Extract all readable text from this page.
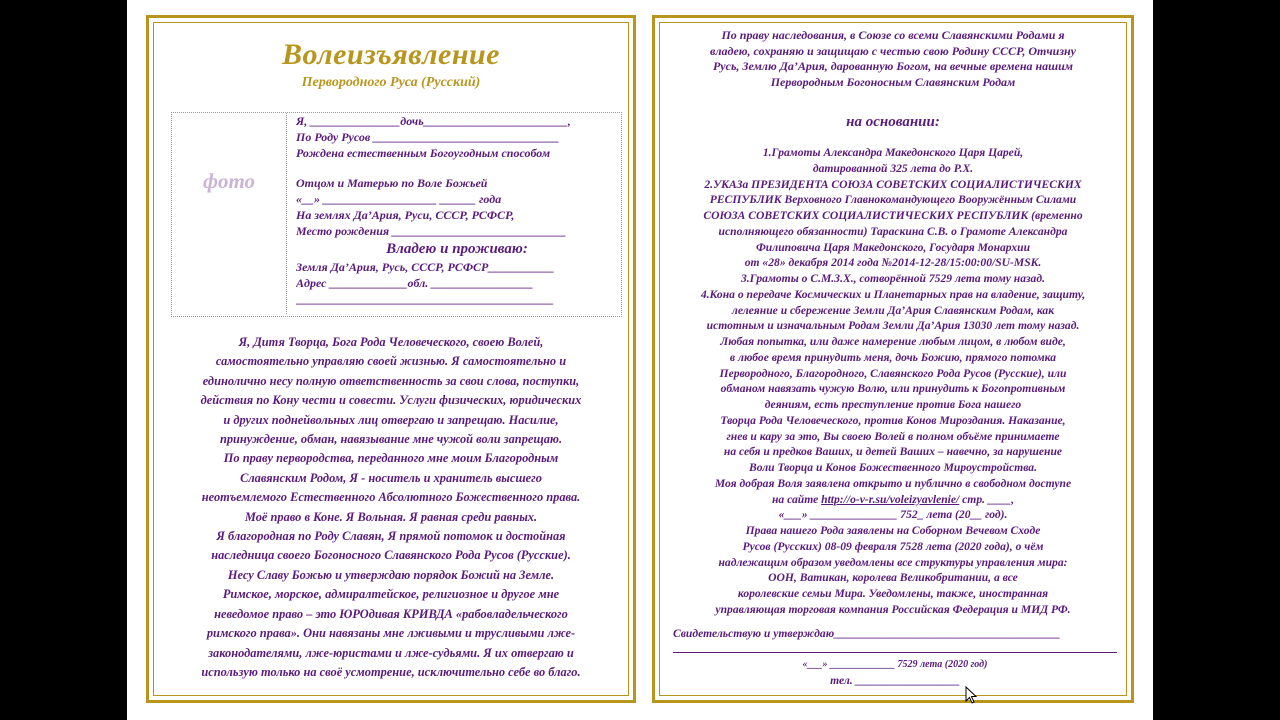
Волеизъявление
Первородного Руса (Русский)
фото
Я, _______________дочь________________________,
По Роду Русов _______________________________
Рождена естественным Богоугодным способом
Отцом и Матерью по Воле Божьей
«__» ___________________ ______ года
На землях Да’Ария, Руси, СССР, РСФСР,
Место рождения _____________________________
Владею и проживаю:
Земля Да’Ария, Русь, СССР, РСФСР___________
Адрес _____________обл. _________________
___________________________________________
Я, Дитя Творца, Бога Рода Человеческого, своею Волей,
самостоятельно управляю своей жизнью. Я самостоятельно и
единолично несу полную ответственность за свои слова, поступки,
действия по Кону чести и совести. Услуги физических, юридических
и других поднейвольных лиц отвергаю и запрещаю. Насилие,
принуждение, обман, навязывание мне чужой воли запрещаю.
По праву первородства, переданного мне моим Благородным
Славянским Родом, Я - носитель и хранитель высшего
неотъемлемого Естественного Абсолютного Божественного права.
Моё право в Коне. Я Вольная. Я равная среди равных.
Я благородная по Роду Славян, Я прямой потомок и достойная
наследница своего Богоносного Славянского Рода Русов (Русские).
Несу Славу Божью и утверждаю порядок Божий на Земле.
Римское, морское, адмиралтейское, религиозное и другое мне
неведомое право – это ЮРОдивая КРИВДА «рабовладельческого
римского права». Они навязаны мне лживыми и трусливыми лже-
законодателями, лже-юристами и лже-судьями. Я их отвергаю и
использую только на своё усмотрение, исключительно себе во благо.
По праву наследования, в Союзе со всеми Славянскими Родами я
владею, сохраняю и защищаю с честью свою Родину СССР, Отчизну
Русь, Землю Да’Ария, дарованную Богом, на вечные времена нашим
Первородным Богоносным Славянским Родам
на основании:
1.Грамоты Александра Македонского Царя Царей,
датированной 325 лета до Р.Х.
2.УКАЗа ПРЕЗИДЕНТА СОЮЗА СОВЕТСКИХ СОЦИАЛИСТИЧЕСКИХ
РЕСПУБЛИК Верховного Главнокомандующего Вооружённым Силами
СОЮЗА СОВЕТСКИХ СОЦИАЛИСТИЧЕСКИХ РЕСПУБЛИК (временно
исполняющего обязанности) Тараскина С.В. о Грамоте Александра
Филиповича Царя Македонского, Государя Монархии
от «28» декабря 2014 года №2014-12-28/15:00:00/SU-MSK.
3.Грамоты о С.М.З.Х., сотворённой 7529 лета тому назад.
4.Кона о передаче Космических и Планетарных прав на владение, защиту,
лелеяние и сбережение Земли Да’Ария Славянским Родам, как
истотным и изначальным Родам Земли Да’Ария 13030 лет тому назад.
Любая попытка, или даже намерение любым лицом, в любом виде,
в любое время принудить меня, дочь Божию, прямого потомка
Первородного, Благородного, Славянского Рода Русов (Русские), или
обманом навязать чужую Волю, или принудить к Богопротивным
деяниям, есть преступление против Бога нашего
Творца Рода Человеческого, против Конов Мироздания. Наказание,
гнев и кару за это, Вы своею Волей в полном объёме принимаете
на себя и предков Ваших, и детей Ваших – навечно, за нарушение
Воли Творца и Конов Божественного Мироустройства.
Моя добрая Воля заявлена открыто и публично в свободном доступе
на сайте http://o-v-r.su/voleizyavlenie/ стр. ____,
«___» _______________ 752_ лета (20__ год).
Права нашего Рода заявлены на Соборном Вечевом Сходе
Русов (Русских) 08-09 февраля 7528 лета (2020 года), о чём
надлежащим образом уведомлены все структуры управления мира:
ООН, Ватикан, королева Великобритании, а все
королевские семьи Мира. Уведомлены, также, иностранная
управляющая торговая компания Российская Федерация и МИД РФ.
Свидетельствую и утверждаю_______________________________________
«___» _____________ 7529 лета (2020 год)
тел. __________________
